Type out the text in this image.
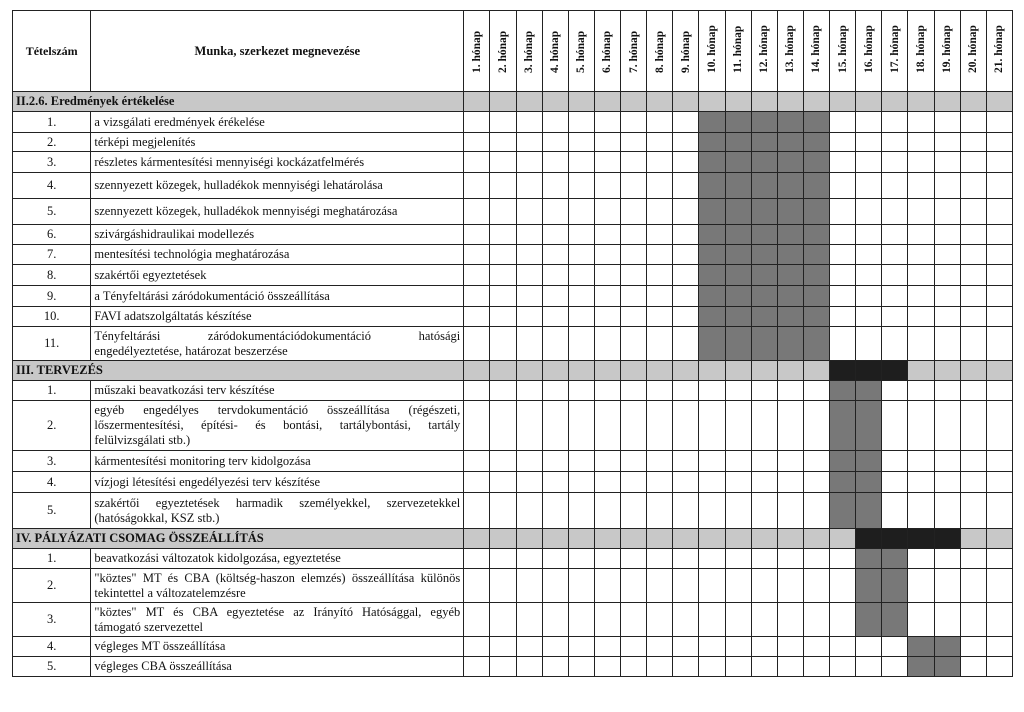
Tételszám	Munka, szerkezet megnevezése	1. hónap	2. hónap	3. hónap	4. hónap	5. hónap	6. hónap	7. hónap	8. hónap	9. hónap	10. hónap	11. hónap	12. hónap	13. hónap	14. hónap	15. hónap	16. hónap	17. hónap	18. hónap	19. hónap	20. hónap	21. hónap

II.2.6. Eredmények értékelése																						
1.	a vizsgálati eredmények érékelése																					
2.	térképi megjelenítés																					
3.	részletes kármentesítési mennyiségi kockázatfelmérés																					
4.	szennyezett közegek, hulladékok mennyiségi lehatárolása																					
5.	szennyezett közegek, hulladékok mennyiségi meghatározása																					
6.	szivárgáshidraulikai modellezés																					
7.	mentesítési technológia meghatározása																					
8.	szakértői egyeztetések																					
9.	a Tényfeltárási záródokumentáció összeállítása																					
10.	FAVI adatszolgáltatás készítése																					
11.	Tényfeltárási záródokumentációdokumentáció hatósági engedélyeztetése, határozat beszerzése																					
III. TERVEZÉS																						
1.	műszaki beavatkozási terv készítése																					
2.	egyéb engedélyes tervdokumentáció összeállítása (régészeti, lőszermentesítési, építési- és bontási, tartálybontási, tartály felülvizsgálati stb.)																					
3.	kármentesítési monitoring terv kidolgozása																					
4.	vízjogi létesítési engedélyezési terv készítése																					
5.	szakértői egyeztetések harmadik személyekkel, szervezetekkel (hatóságokkal, KSZ stb.)																					
IV. PÁLYÁZATI CSOMAG ÖSSZEÁLLÍTÁS																						
1.	beavatkozási változatok kidolgozása, egyeztetése																					
2.	"köztes" MT és CBA (költség-haszon elemzés) összeállítása különös tekintettel a változatelemzésre																					
3.	"köztes" MT és CBA egyeztetése az Irányító Hatósággal, egyéb támogató szervezettel																					
4.	végleges MT összeállítása																					
5.	végleges CBA összeállítása																					
